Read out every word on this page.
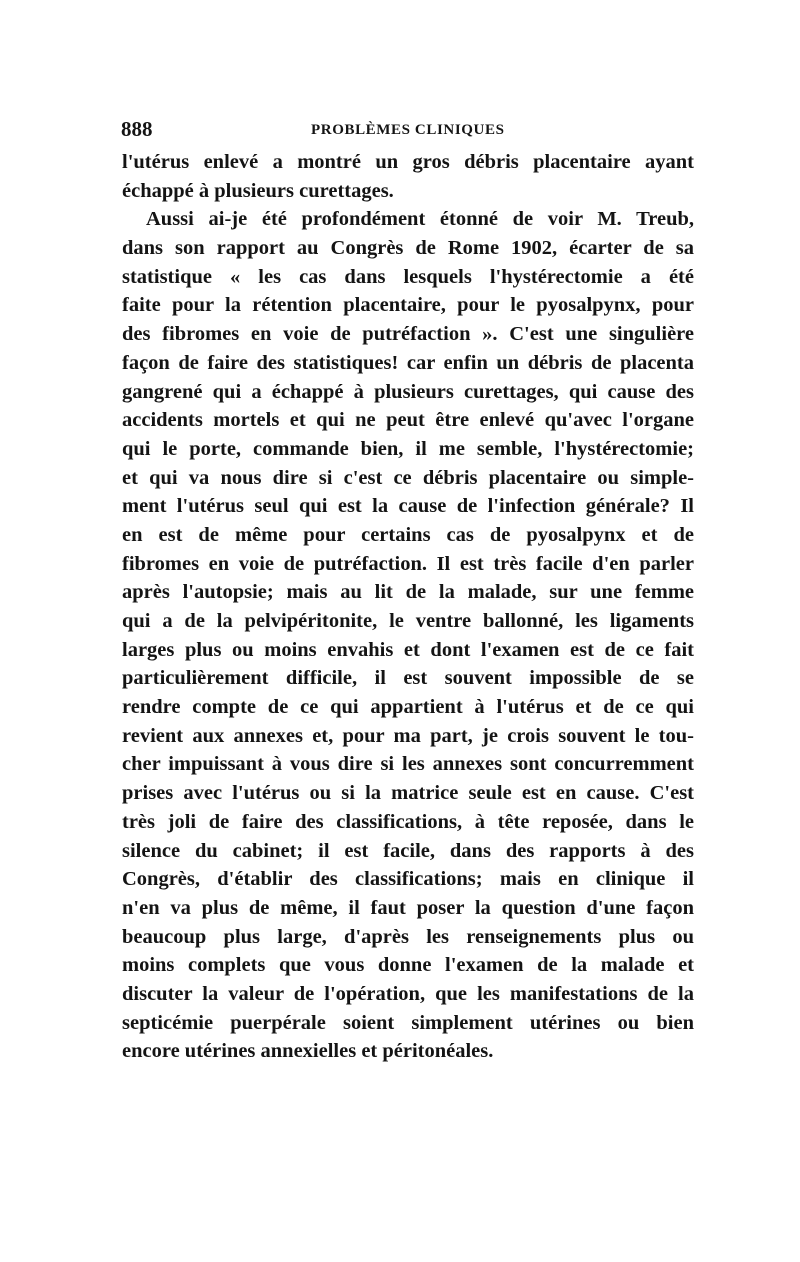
888	PROBLÈMES CLINIQUES
l'utérus enlevé a montré un gros débris placentaire ayant
échappé à plusieurs curettages.
Aussi ai-je été profondément étonné de voir M. Treub,
dans son rapport au Congrès de Rome 1902, écarter de sa
statistique « les cas dans lesquels l'hystérectomie a été
faite pour la rétention placentaire, pour le pyosalpynx, pour
des fibromes en voie de putréfaction ». C'est une singulière
façon de faire des statistiques! car enfin un débris de placenta
gangrené qui a échappé à plusieurs curettages, qui cause des
accidents mortels et qui ne peut être enlevé qu'avec l'organe
qui le porte, commande bien, il me semble, l'hystérectomie;
et qui va nous dire si c'est ce débris placentaire ou simple-
ment l'utérus seul qui est la cause de l'infection générale? Il
en est de même pour certains cas de pyosalpynx et de
fibromes en voie de putréfaction. Il est très facile d'en parler
après l'autopsie; mais au lit de la malade, sur une femme
qui a de la pelvipéritonite, le ventre ballonné, les ligaments
larges plus ou moins envahis et dont l'examen est de ce fait
particulièrement difficile, il est souvent impossible de se
rendre compte de ce qui appartient à l'utérus et de ce qui
revient aux annexes et, pour ma part, je crois souvent le tou-
cher impuissant à vous dire si les annexes sont concurremment
prises avec l'utérus ou si la matrice seule est en cause. C'est
très joli de faire des classifications, à tête reposée, dans le
silence du cabinet; il est facile, dans des rapports à des
Congrès, d'établir des classifications; mais en clinique il
n'en va plus de même, il faut poser la question d'une façon
beaucoup plus large, d'après les renseignements plus ou
moins complets que vous donne l'examen de la malade et
discuter la valeur de l'opération, que les manifestations de la
septicémie puerpérale soient simplement utérines ou bien
encore utérines annexielles et péritonéales.
